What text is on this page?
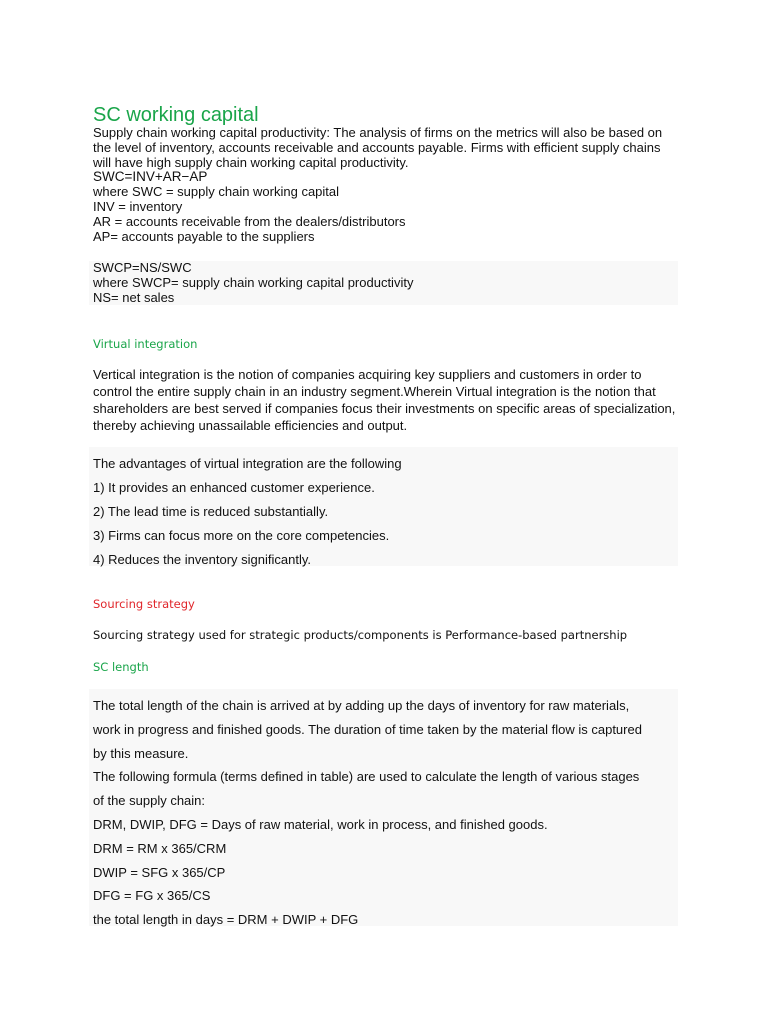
SC working capital

Supply chain working capital productivity: The analysis of firms on the metrics will also be based on the level of inventory, accounts receivable and accounts payable. Firms with efficient supply chains will have high supply chain working capital productivity.

SWC=INV+AR−AP

where SWC ​= supply chain working capital

INV = inventory

AR = accounts receivable from the dealers/distributors

AP= accounts payable to the suppliers

SWCP=NS/SWC

where SWCP= supply chain working capital productivity

NS= net sales

Virtual integration

Vertical integration is the notion of companies acquiring key suppliers and customers in order to control the entire supply chain in an industry segment.Wherein Virtual integration is the notion that shareholders are best served if companies focus their investments on specific areas of specialization, thereby achieving unassailable efficiencies and output.

The advantages of virtual integration are the following

1) It provides an enhanced customer experience.

2) The lead time is reduced substantially.

3) Firms can focus more on the core competencies.

4) Reduces the inventory significantly.

Sourcing strategy

Sourcing strategy used for strategic products/components is Performance-based partnership

SC length

The total length of the chain is arrived at by adding up the days of inventory for raw materials,

work in progress and finished goods. The duration of time taken by the material flow is captured

by this measure.

The following formula (terms defined in table) are used to calculate the length of various stages

of the supply chain:

DRM, DWIP, DFG = Days of raw material, work in process, and finished goods.

DRM = RM x 365/CRM

DWIP = SFG x 365/CP

DFG = FG x 365/CS

the total length in days = DRM + DWIP + DFG
